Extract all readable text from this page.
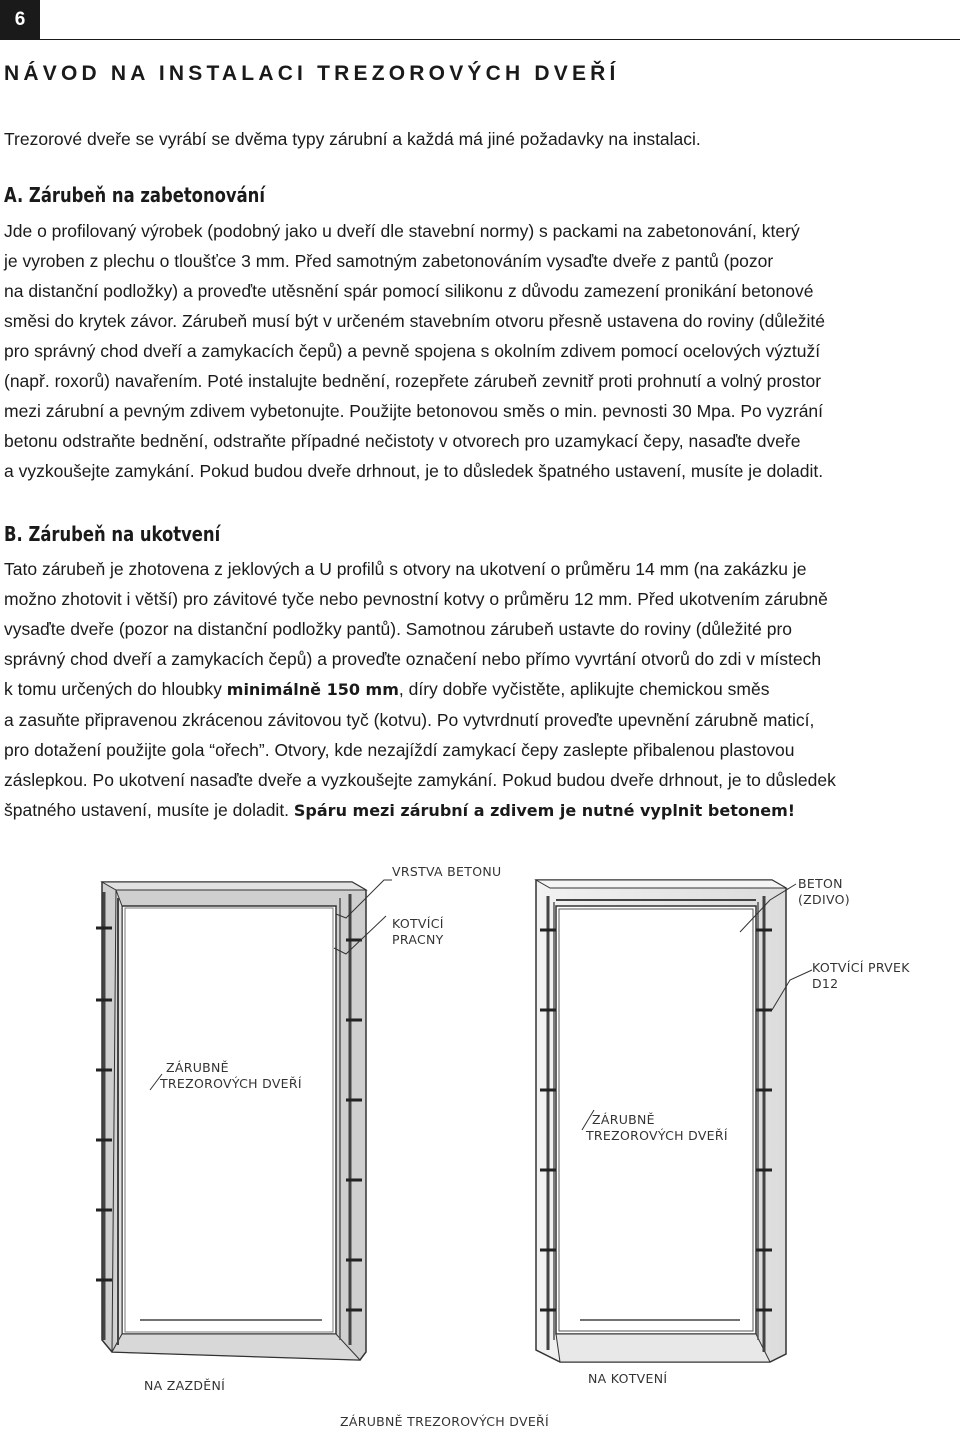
6
NÁVOD NA INSTALACI TREZOROVÝCH DVEŘÍ

Trezorové dveře se vyrábí se dvěma typy zárubní a každá má jiné požadavky na instalaci.

A. Zárubeň na zabetonování
Jde o profilovaný výrobek (podobný jako u dveří dle stavební normy) s packami na zabetonování, který
je vyroben z plechu o tloušťce 3 mm. Před samotným zabetonováním vysaďte dveře z pantů (pozor
na distanční podložky) a proveďte utěsnění spár pomocí silikonu z důvodu zamezení pronikání betonové
směsi do krytek závor. Zárubeň musí být v určeném stavebním otvoru přesně ustavena do roviny (důležité
pro správný chod dveří a zamykacích čepů) a pevně spojena s okolním zdivem pomocí ocelových výztuží
(např. roxorů) navařením. Poté instalujte bednění, rozepřete zárubeň zevnitř proti prohnutí a volný prostor
mezi zárubní a pevným zdivem vybetonujte. Použijte betonovou směs o min. pevnosti 30 Mpa. Po vyzrání
betonu odstraňte bednění, odstraňte případné nečistoty v otvorech pro uzamykací čepy, nasaďte dveře
a vyzkoušejte zamykání. Pokud budou dveře drhnout, je to důsledek špatného ustavení, musíte je doladit.
B. Zárubeň na ukotvení
Tato zárubeň je zhotovena z jeklových a U profilů s otvory na ukotvení o průměru 14 mm (na zakázku je
možno zhotovit i větší) pro závitové tyče nebo pevnostní kotvy o průměru 12 mm. Před ukotvením zárubně
vysaďte dveře (pozor na distanční podložky pantů). Samotnou zárubeň ustavte do roviny (důležité pro
správný chod dveří a zamykacích čepů) a proveďte označení nebo přímo vyvrtání otvorů do zdi v místech
k tomu určených do hloubky minimálně 150 mm, díry dobře vyčistěte, aplikujte chemickou směs
a zasuňte připravenou zkrácenou závitovou tyč (kotvu). Po vytvrdnutí proveďte upevnění zárubně maticí,
pro dotažení použijte gola “ořech”. Otvory, kde nezajíždí zamykací čepy zaslepte přibalenou plastovou
záslepkou. Po ukotvení nasaďte dveře a vyzkoušejte zamykání. Pokud budou dveře drhnout, je to důsledek
špatného ustavení, musíte je doladit. Spáru mezi zárubní a zdivem je nutné vyplnit betonem!
VRSTVA BETONU
KOTVÍCÍ
PRACNY
ZÁRUBNĚ
TREZOROVÝCH DVEŘÍ
NA ZAZDĚNÍ
BETON
(ZDIVO)
KOTVÍCÍ PRVEK
D12
ZÁRUBNĚ
TREZOROVÝCH DVEŘÍ
NA KOTVENÍ
ZÁRUBNĚ TREZOROVÝCH DVEŘÍ
